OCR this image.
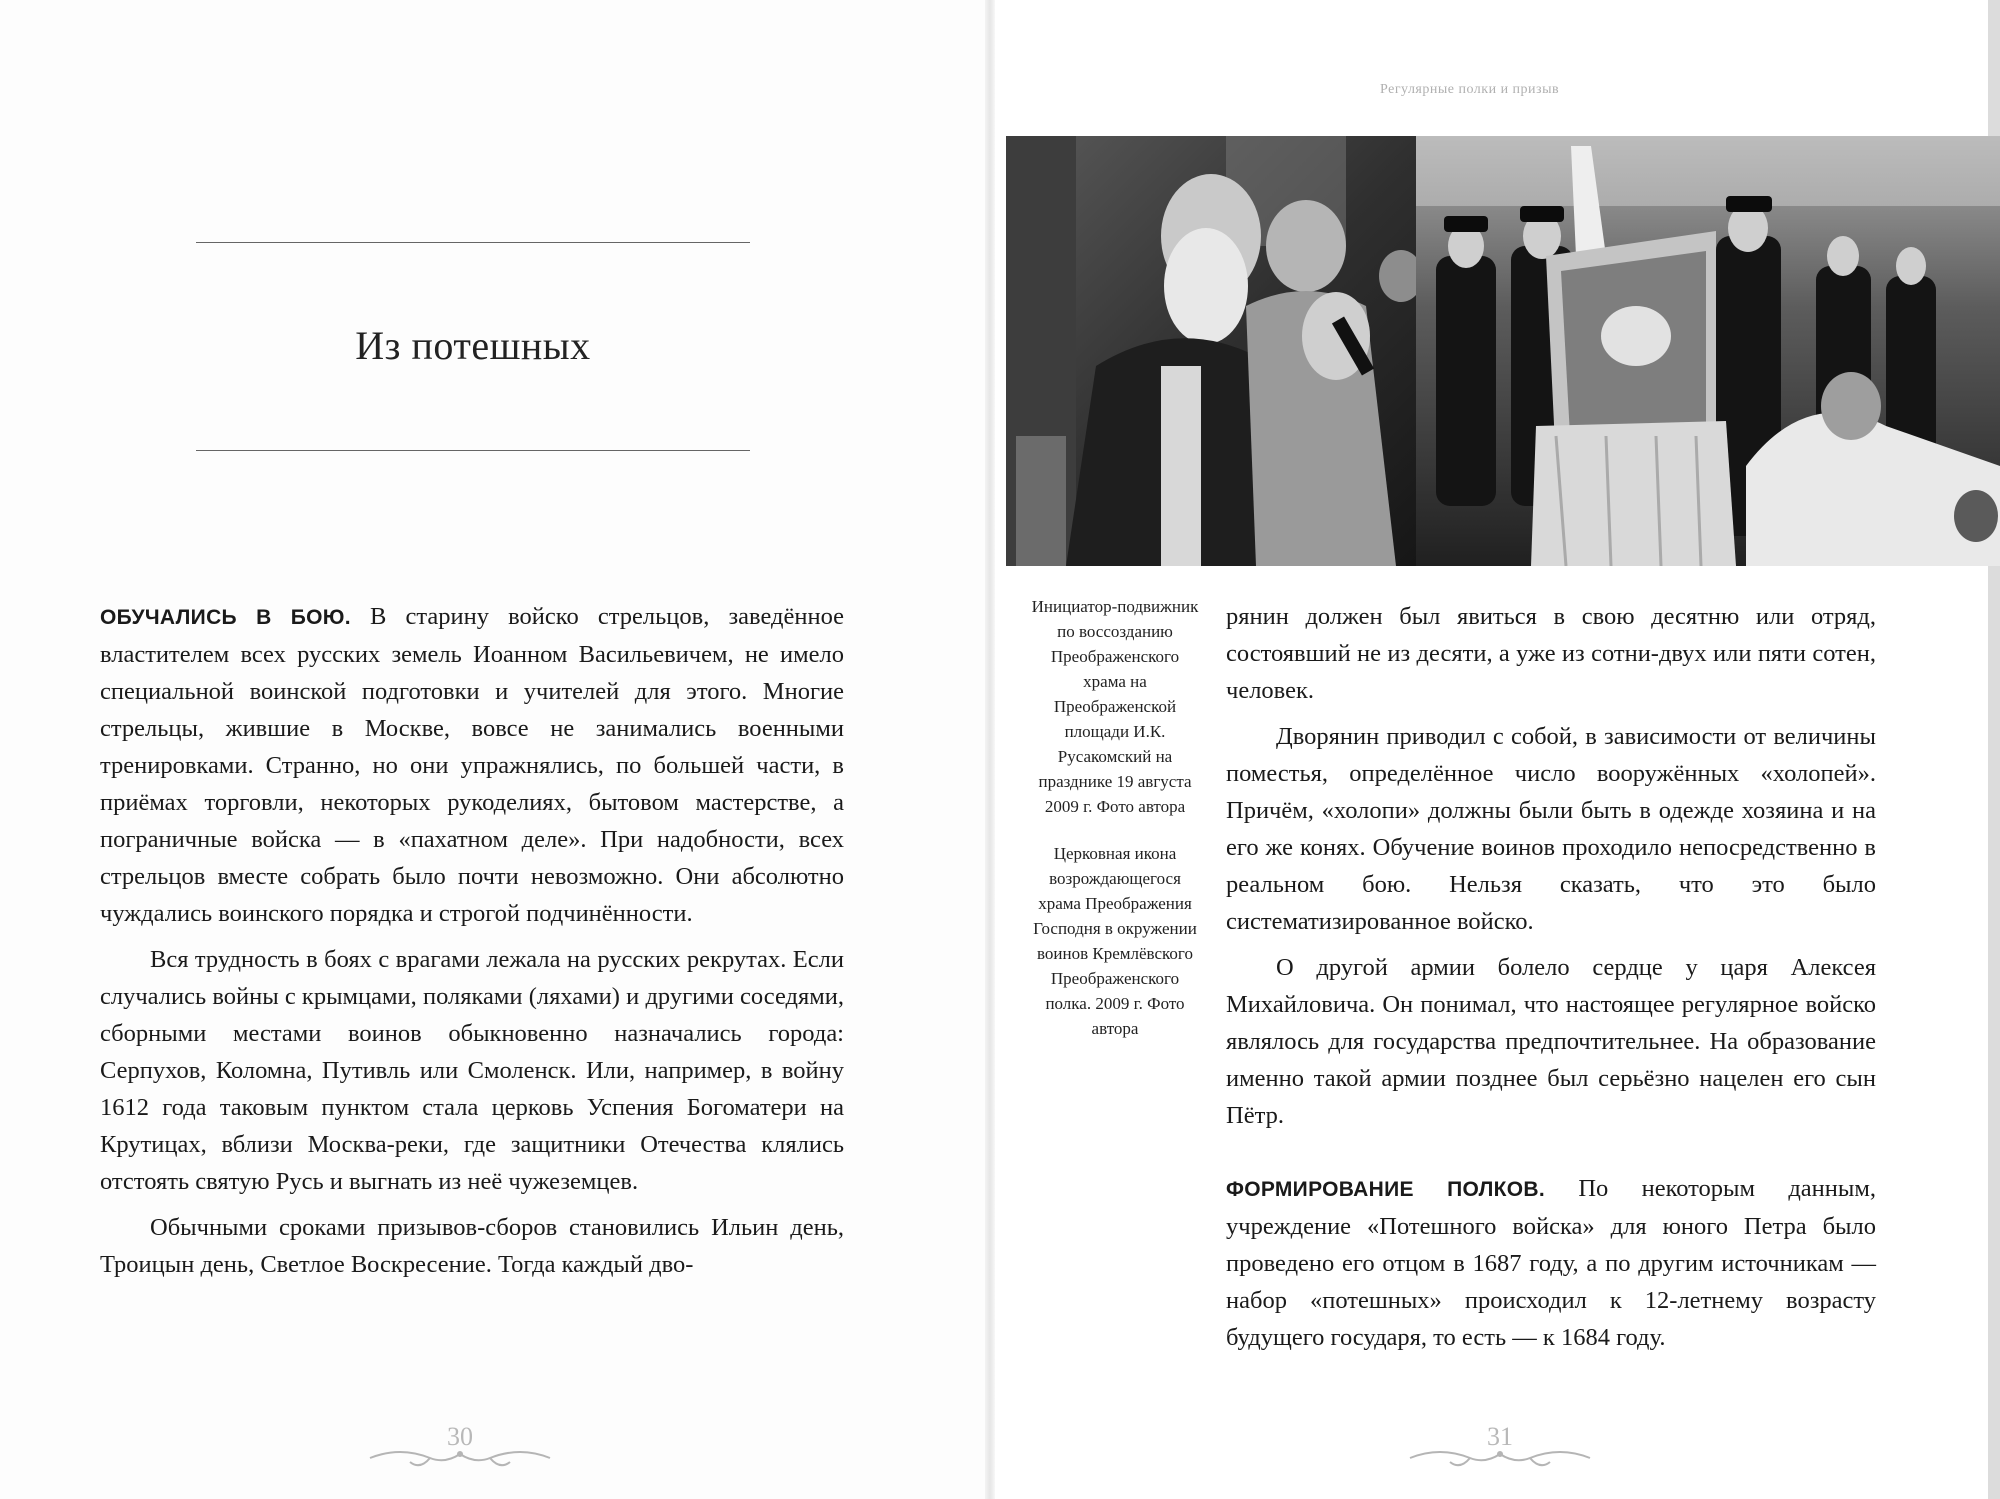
Из потешных
Регулярные полки и призыв

ОБУЧАЛИСЬ В БОЮ. В старину войско стрельцов, заведённое властителем всех русских земель Иоанном Васильевичем, не имело специальной воинской подготовки и учителей для этого. Многие стрельцы, жившие в Москве, вовсе не занимались военными тренировками. Странно, но они упражнялись, по большей части, в приёмах торговли, некоторых рукоделиях, бытовом мастерстве, а пограничные войска — в «пахатном деле». При надобности, всех стрельцов вместе собрать было почти невозможно. Они абсолютно чуждались воинского порядка и строгой подчинённости.

Вся трудность в боях с врагами лежала на русских рекрутах. Если случались войны с крымцами, поляками (ляхами) и другими соседями, сборными местами воинов обыкновенно назначались города: Серпухов, Коломна, Путивль или Смоленск. Или, например, в войну 1612 года таковым пунктом стала церковь Успения Богоматери на Крутицах, вблизи Москва-реки, где защитники Отечества клялись отстоять святую Русь и выгнать из неё чужеземцев.

Обычными сроками призывов-сборов становились Ильин день, Троицын день, Светлое Воскресение. Тогда каждый дво-

Инициатор-подвижник по воссозданию Преображенского храма на Преображенской площади И.К. Русакомский на празднике 19 августа 2009 г. Фото автора

Церковная икона возрождающегося храма Преображения Господня в окружении воинов Кремлёвского Преображенского полка. 2009 г. Фото автора

рянин должен был явиться в свою десятню или отряд, состоявший не из десяти, а уже из сотни-двух или пяти сотен, человек.

Дворянин приводил с собой, в зависимости от величины поместья, определённое число вооружённых «холопей». Причём, «холопи» должны были быть в одежде хозяина и на его же конях. Обучение воинов проходило непосредственно в реальном бою. Нельзя сказать, что это было систематизированное войско.

О другой армии болело сердце у царя Алексея Михайловича. Он понимал, что настоящее регулярное войско являлось для государства предпочтительнее. На образование именно такой армии позднее был серьёзно нацелен его сын Пётр.

ФОРМИРОВАНИЕ ПОЛКОВ. По некоторым данным, учреждение «Потешного войска» для юного Петра было проведено его отцом в 1687 году, а по другим источникам — набор «потешных» происходил к 12-летнему возрасту будущего государя, то есть — к 1684 году.

30	31
